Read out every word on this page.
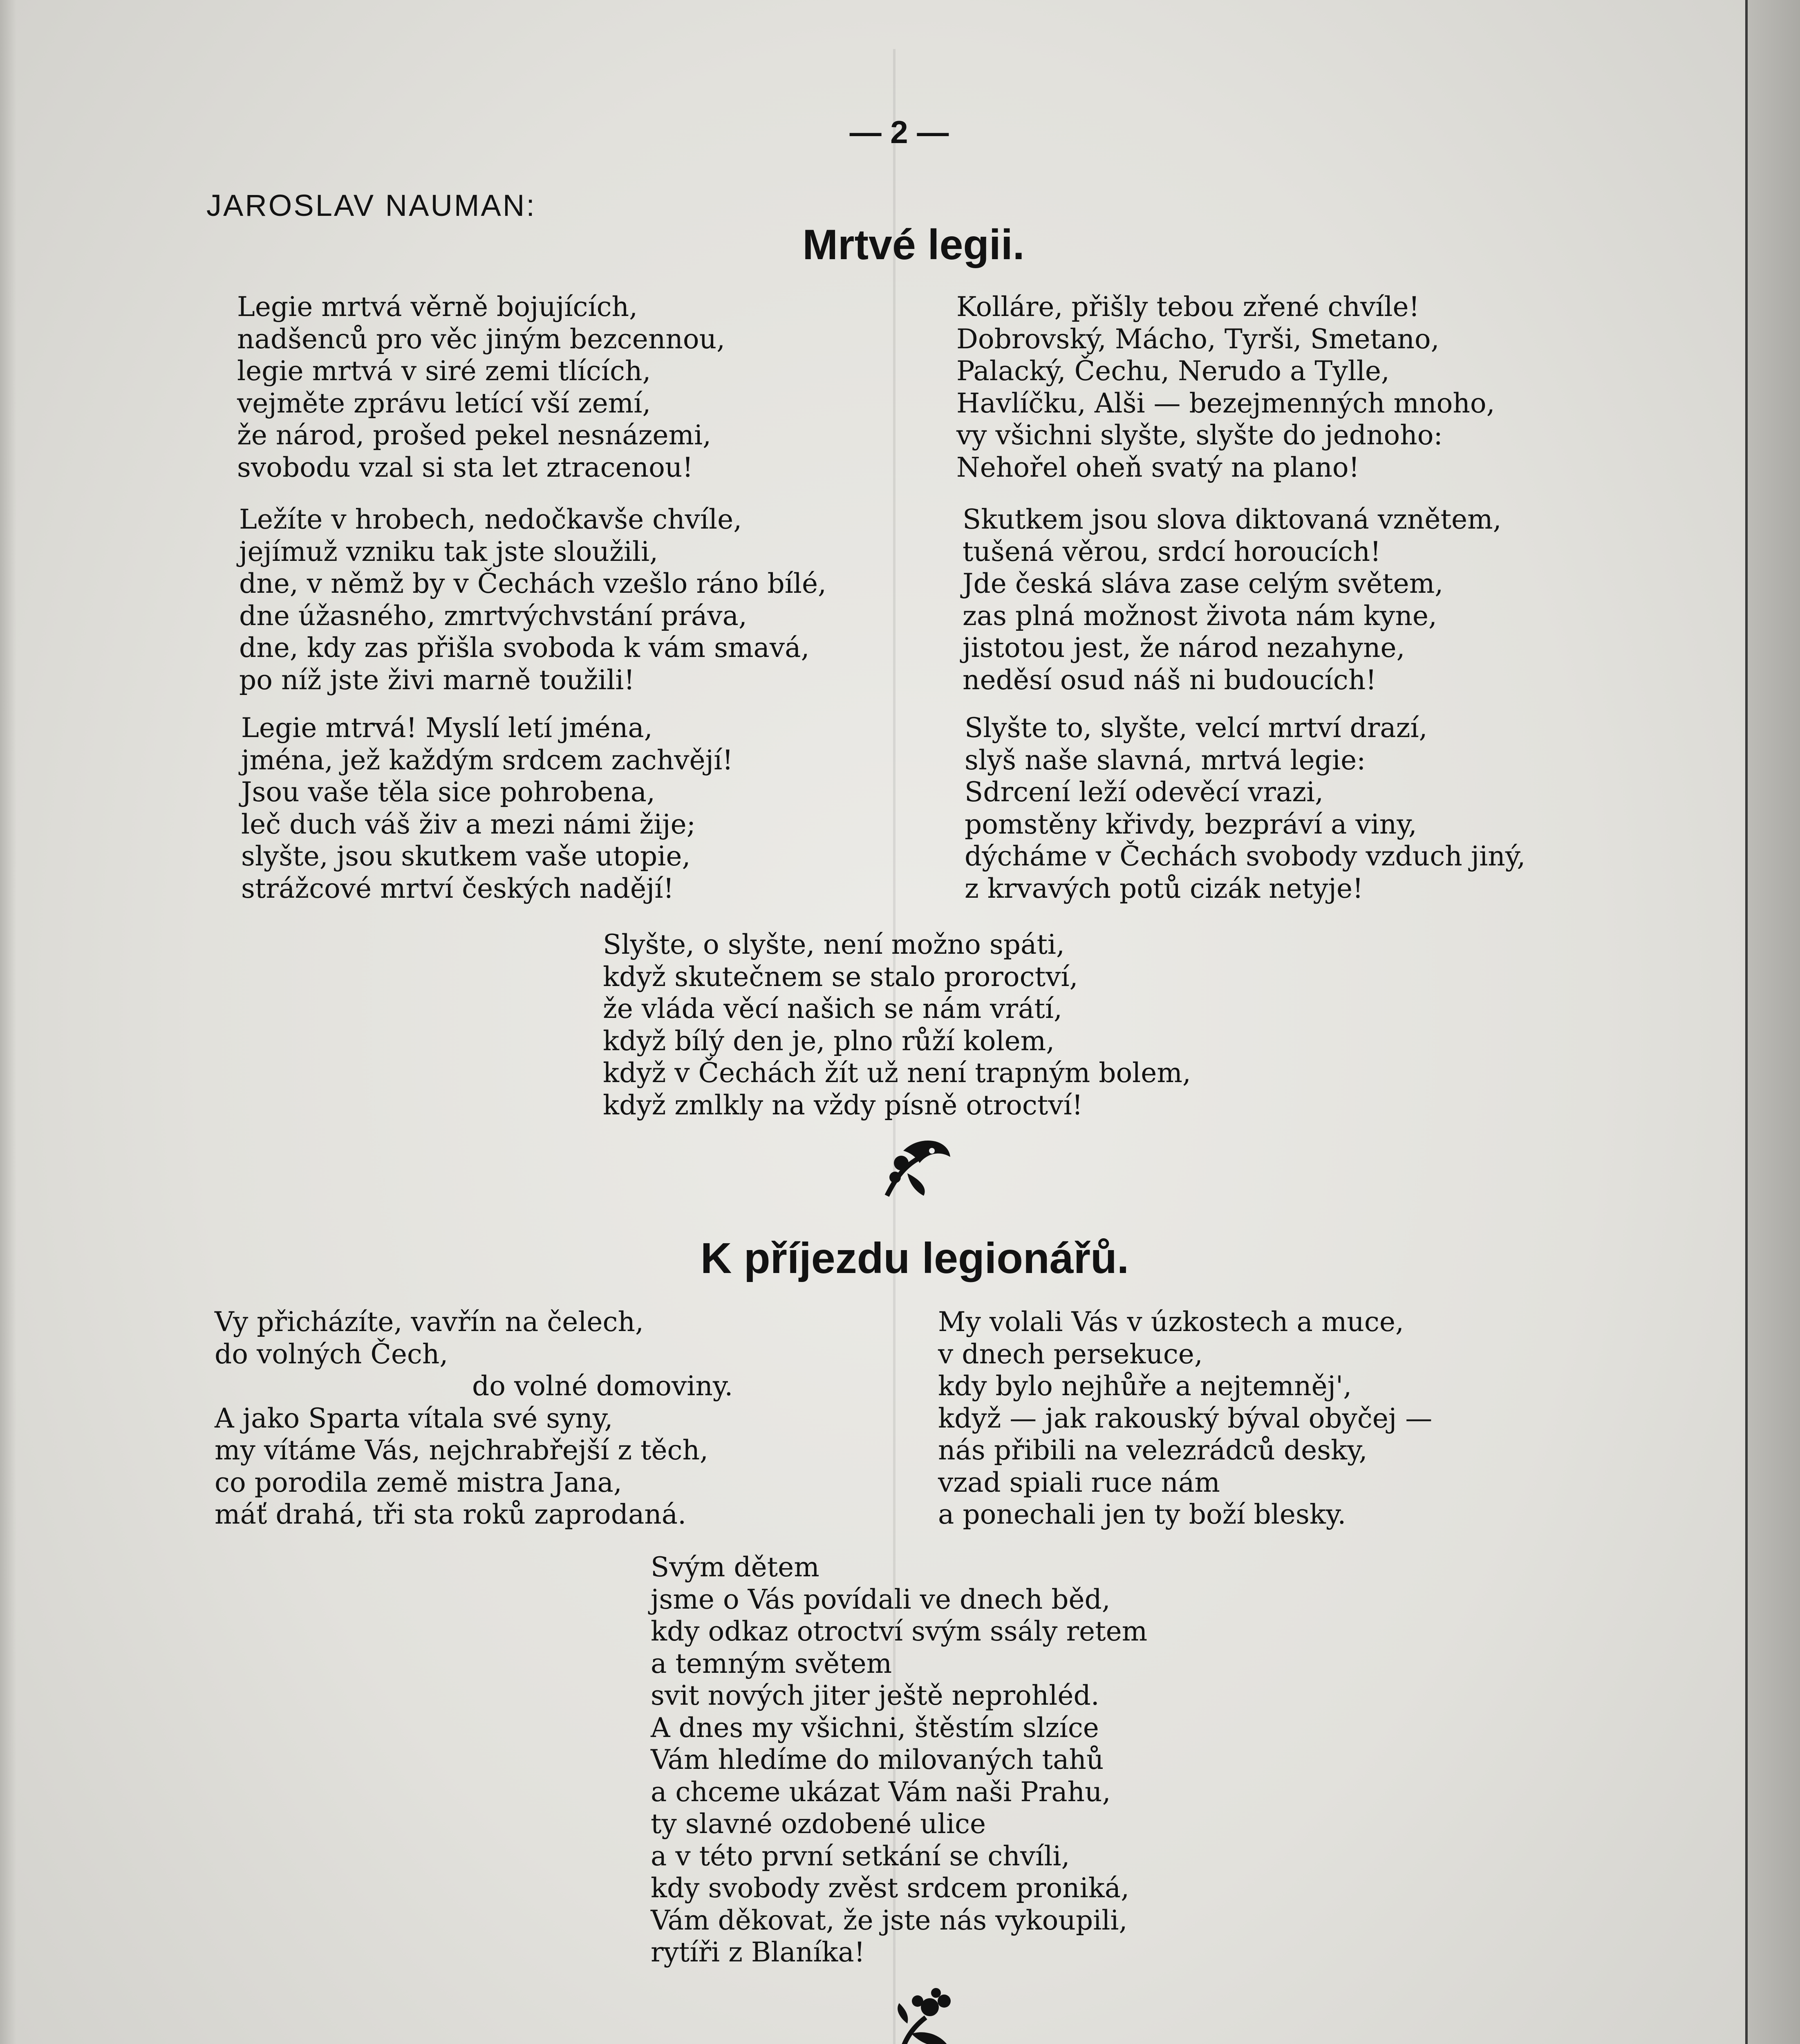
— 2 —
JAROSLAV NAUMAN:
Mrtvé legii.
Legie mrtvá věrně bojujících,
nadšenců pro věc jiným bezcennou,
legie mrtvá v siré zemi tlících,
vejměte zprávu letící vší zemí,
že národ, prošed pekel nesnázemi,
svobodu vzal si sta let ztracenou!
Ležíte v hrobech, nedočkavše chvíle,
jejímuž vzniku tak jste sloužili,
dne, v němž by v Čechách vzešlo ráno bílé,
dne úžasného, zmrtvýchvstání práva,
dne, kdy zas přišla svoboda k vám smavá,
po níž jste živi marně toužili!
Legie mtrvá! Myslí letí jména,
jména, jež každým srdcem zachvějí!
Jsou vaše těla sice pohrobena,
leč duch váš živ a mezi námi žije;
slyšte, jsou skutkem vaše utopie,
strážcové mrtví českých nadějí!
Kolláre, přišly tebou zřené chvíle!
Dobrovský, Mácho, Tyrši, Smetano,
Palacký, Čechu, Nerudo a Tylle,
Havlíčku, Alši — bezejmenných mnoho,
vy všichni slyšte, slyšte do jednoho:
Nehořel oheň svatý na plano!
Skutkem jsou slova diktovaná vznětem,
tušená věrou, srdcí horoucích!
Jde česká sláva zase celým světem,
zas plná možnost života nám kyne,
jistotou jest, že národ nezahyne,
neděsí osud náš ni budoucích!
Slyšte to, slyšte, velcí mrtví drazí,
slyš naše slavná, mrtvá legie:
Sdrcení leží odevěcí vrazi,
pomstěny křivdy, bezpráví a viny,
dýcháme v Čechách svobody vzduch jiný,
z krvavých potů cizák netyje!
Slyšte, o slyšte, není možno spáti,
když skutečnem se stalo proroctví,
že vláda věcí našich se nám vrátí,
když bílý den je, plno růží kolem,
když v Čechách žít už není trapným bolem,
když zmlkly na vždy písně otroctví!
K příjezdu legionářů.
Vy přicházíte, vavřín na čelech,
do volných Čech,
do volné domoviny.
A jako Sparta vítala své syny,
my vítáme Vás, nejchrabřejší z těch,
co porodila země mistra Jana,
máť drahá, tři sta roků zaprodaná.
My volali Vás v úzkostech a muce,
v dnech persekuce,
kdy bylo nejhůře a nejtemněj',
když — jak rakouský býval obyčej —
nás přibili na velezrádců desky,
vzad spiali ruce nám
a ponechali jen ty boží blesky.
Svým dětem
jsme o Vás povídali ve dnech běd,
kdy odkaz otroctví svým ssály retem
a temným světem
svit nových jiter ještě neprohléd.
A dnes my všichni, štěstím slzíce
Vám hledíme do milovaných tahů
a chceme ukázat Vám naši Prahu,
ty slavné ozdobené ulice
a v této první setkání se chvíli,
kdy svobody zvěst srdcem proniká,
Vám děkovat, že jste nás vykoupili,
rytíři z Blaníka!
